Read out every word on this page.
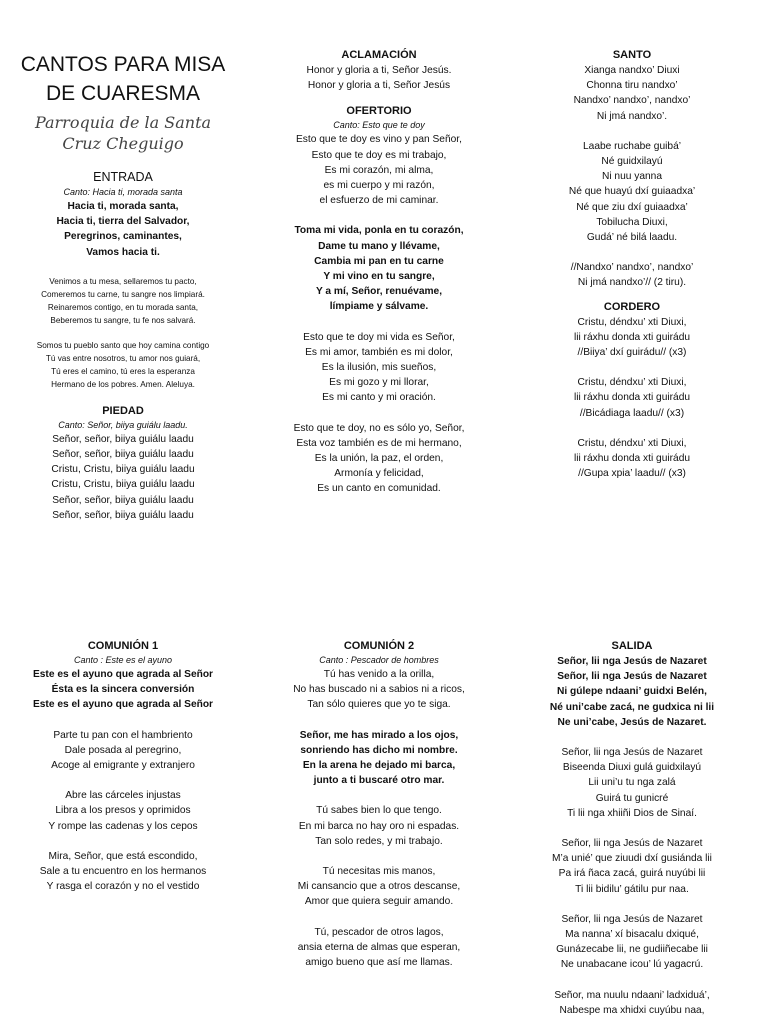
CANTOS PARA MISA
DE CUARESMA
Parroquia de la Santa
Cruz Cheguigo
ENTRADA
Canto: Hacia ti, morada santa
Hacia ti, morada santa,
Hacia ti, tierra del Salvador,
Peregrinos, caminantes,
Vamos hacia ti.
Venimos a tu mesa, sellaremos tu pacto,
Comeremos tu carne, tu sangre nos limpiará.
Reinaremos contigo, en tu morada santa,
Beberemos tu sangre, tu fe nos salvará.
Somos tu pueblo santo que hoy camina contigo
Tú vas entre nosotros, tu amor nos guiará,
Tú eres el camino, tú eres la esperanza
Hermano de los pobres. Amen. Aleluya.
PIEDAD
Canto: Señor, biiya guiálu laadu.
Señor, señor, biiya guiálu laadu
Señor, señor, biiya guiálu laadu
Cristu, Cristu, biiya guiálu laadu
Cristu, Cristu, biiya guiálu laadu
Señor, señor, biiya guiálu laadu
Señor, señor, biiya guiálu laadu
ACLAMACIÓN
Honor y gloria a ti, Señor Jesús.
Honor y gloria a ti, Señor Jesús
OFERTORIO
Canto: Esto que te doy
Esto que te doy es vino y pan Señor,
Esto que te doy es mi trabajo,
Es mi corazón, mi alma,
es mi cuerpo y mi razón,
el esfuerzo de mi caminar.
Toma mi vida, ponla en tu corazón,
Dame tu mano y llévame,
Cambia mi pan en tu carne
Y mi vino en tu sangre,
Y a mí, Señor, renuévame,
límpiame y sálvame.
Esto que te doy mi vida es Señor,
Es mi amor, también es mi dolor,
Es la ilusión, mis sueños,
Es mi gozo y mi llorar,
Es mi canto y mi oración.
Esto que te doy, no es sólo yo, Señor,
Esta voz también es de mi hermano,
Es la unión, la paz, el orden,
Armonía y felicidad,
Es un canto en comunidad.
SANTO
Xianga nandxo’ Diuxi
Chonna tiru nandxo’
Nandxo’ nandxo’, nandxo’
Ni jmá nandxo’.
Laabe ruchabe guibá’
Né guidxilayú
Ni nuu yanna
Né que huayú dxí guiaadxa’
Né que ziu dxí guiaadxa’
Tobilucha Diuxi,
Gudá’ né bilá laadu.
//Nandxo’ nandxo’, nandxo’
Ni jmá nandxo’// (2 tiru).
CORDERO
Cristu, déndxu’ xti Diuxi,
lii ráxhu donda xti guirádu
//Biiya’ dxí guirádu// (x3)
Cristu, déndxu’ xti Diuxi,
lii ráxhu donda xti guirádu
//Bicádiaga laadu// (x3)
Cristu, déndxu’ xti Diuxi,
lii ráxhu donda xti guirádu
//Gupa xpia’ laadu// (x3)
COMUNIÓN 1
Canto : Este es el ayuno
Este es el ayuno que agrada al Señor
Ésta es la sincera conversión
Este es el ayuno que agrada al Señor
Parte tu pan con el hambriento
Dale posada al peregrino,
Acoge al emigrante y extranjero
Abre las cárceles injustas
Libra a los presos y oprimidos
Y rompe las cadenas y los cepos
Mira, Señor, que está escondido,
Sale a tu encuentro en los hermanos
Y rasga el corazón y no el vestido
COMUNIÓN 2
Canto : Pescador de hombres
Tú has venido a la orilla,
No has buscado ni a sabios ni a ricos,
Tan sólo quieres que yo te siga.
Señor, me has mirado a los ojos,
sonriendo has dicho mi nombre.
En la arena he dejado mi barca,
junto a ti buscaré otro mar.
Tú sabes bien lo que tengo.
En mi barca no hay oro ni espadas.
Tan solo redes, y mi trabajo.
Tú necesitas mis manos,
Mi cansancio que a otros descanse,
Amor que quiera seguir amando.
Tú, pescador de otros lagos,
ansia eterna de almas que esperan,
amigo bueno que así me llamas.
SALIDA
Señor, lii nga Jesús de Nazaret
Señor, lii nga Jesús de Nazaret
Ni gúlepe ndaani’ guidxi Belén,
Né uni’cabe zacá, ne gudxica ni lii
Ne uni’cabe, Jesús de Nazaret.
Señor, lii nga Jesús de Nazaret
Biseenda Diuxi gulá guidxilayú
Lii uni’u tu nga zalá
Guirá tu gunicré
Ti lii nga xhiiñi Dios de Sinaí.
Señor, lii nga Jesús de Nazaret
M’a unié’ que ziuudi dxí gusiánda lii
Pa irá ñaca zacá, guirá nuyúbi lii
Ti lii bidilu’ gátilu pur naa.
Señor, lii nga Jesús de Nazaret
Ma nanna’ xí bisacalu dxiqué,
Gunázecabe lii, ne gudiiñecabe lii
Ne unabacane icou’ lú yagacrú.
Señor, ma nuulu ndaani’ ladxiduá’,
Nabespe ma xhidxi cuyúbu naa,
